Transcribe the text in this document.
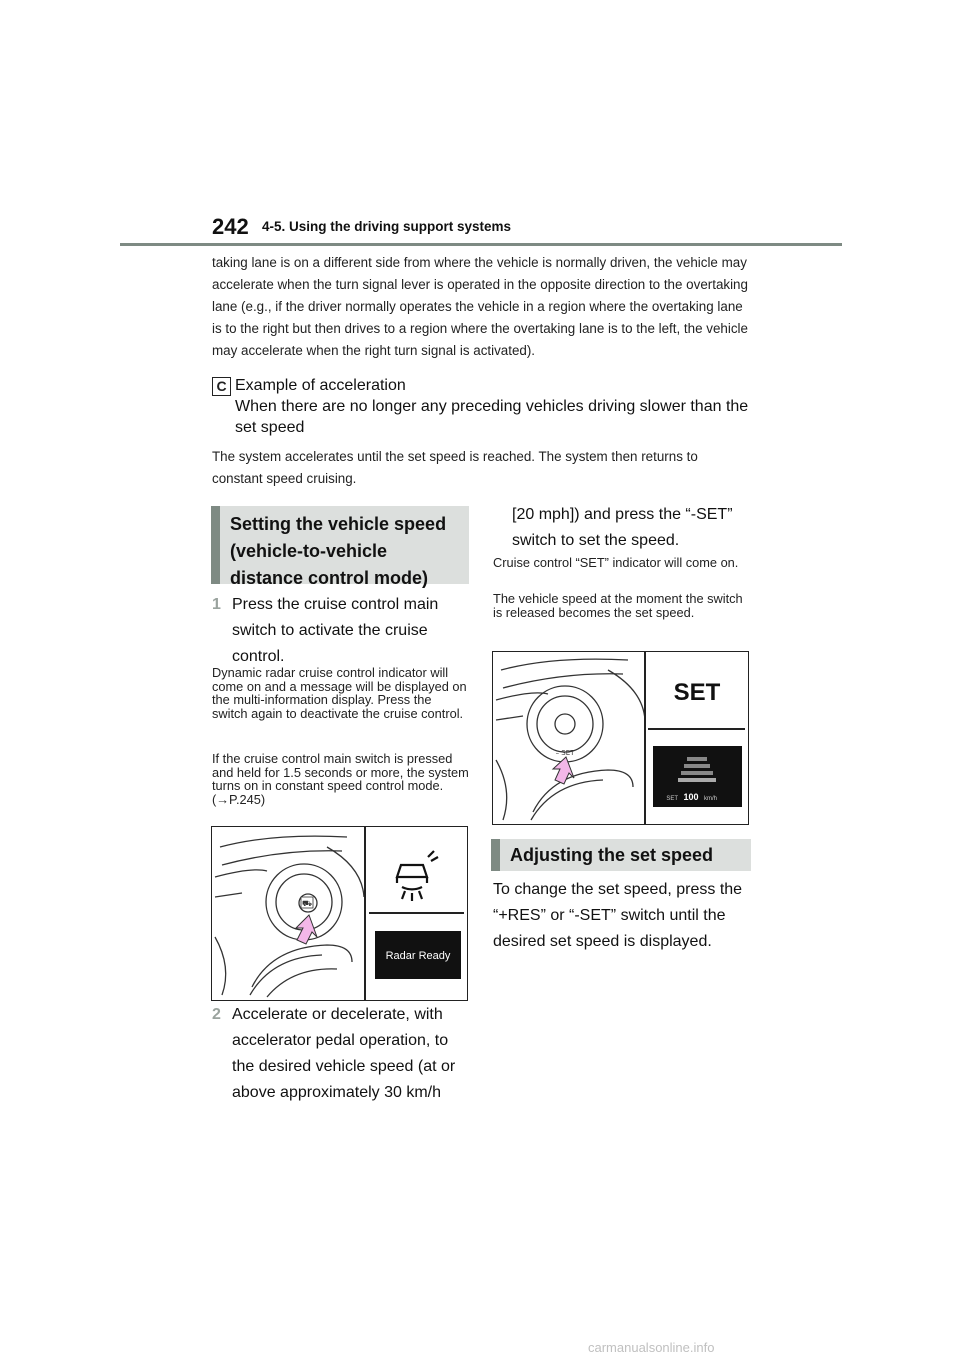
242 4-5. Using the driving support systems
taking lane is on a different side from where the vehicle is normally driven, the vehicle may accelerate when the turn signal lever is operated in the opposite direction to the overtaking lane (e.g., if the driver normally operates the vehicle in a region where the overtaking lane is to the right but then drives to a region where the overtaking lane is to the left, the vehicle may accelerate when the right turn signal is activated).
C Example of acceleration
When there are no longer any preceding vehicles driving slower than the set speed
The system accelerates until the set speed is reached. The system then returns to constant speed cruising.
Setting the vehicle speed (vehicle-to-vehicle distance control mode)
1 Press the cruise control main switch to activate the cruise control.
Dynamic radar cruise control indicator will come on and a message will be displayed on the multi-information display. Press the switch again to deactivate the cruise control.
If the cruise control main switch is pressed and held for 1.5 seconds or more, the system turns on in constant speed control mode. (→P.245)
⛟
Radar Ready
2 Accelerate or decelerate, with accelerator pedal operation, to the desired vehicle speed (at or above approximately 30 km/h
[20 mph]) and press the “-SET” switch to set the speed.
Cruise control “SET” indicator will come on.
The vehicle speed at the moment the switch is released becomes the set speed.
– SET
SET
SET 100 km/h
Adjusting the set speed
To change the set speed, press the “+RES” or “-SET” switch until the desired set speed is displayed.
carmanualsonline.info
